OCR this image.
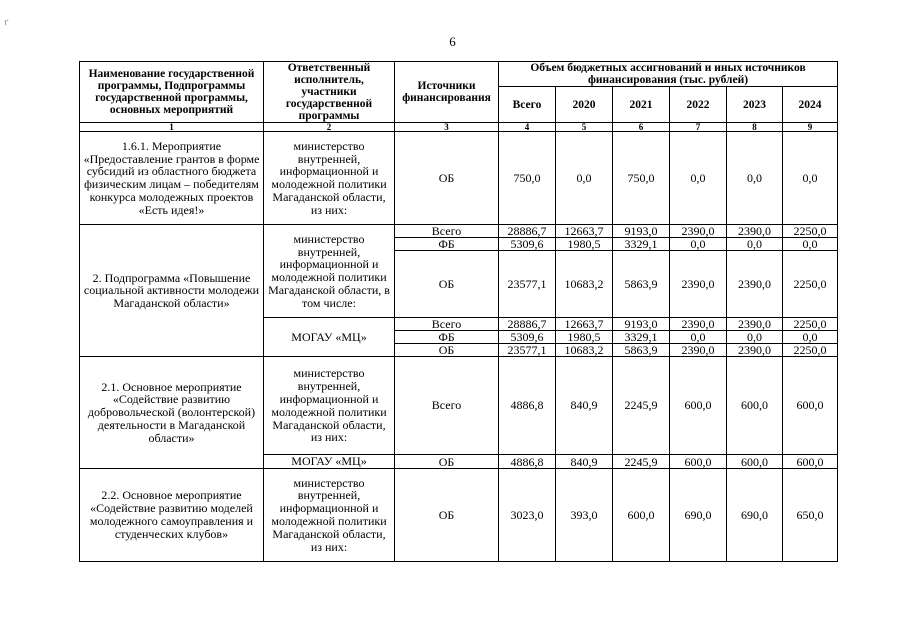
𝑟
6
Наименование государственной программы, Подпрограммы государственной программы, основных мероприятий	Ответственный исполнитель, участники государственной программы	Источники финансирования	Объем бюджетных ассигнований и иных источников финансирования (тыс. рублей)					
			Всего	2020	2021	2022	2023	2024
1	2	3	4	5	6	7	8	9
1.6.1. Мероприятие «Предоставление грантов в форме субсидий из областного бюджета физическим лицам – победителям конкурса молодежных проектов «Есть идея!»	министерство внутренней, информационной и молодежной политики Магаданской области, из них:	ОБ	750,0	0,0	750,0	0,0	0,0	0,0
2. Подпрограмма «Повышение социальной активности молодежи Магаданской области»	министерство внутренней, информационной и молодежной политики Магаданской области, в том числе:	Всего	28886,7	12663,7	9193,0	2390,0	2390,0	2250,0
		ФБ	5309,6	1980,5	3329,1	0,0	0,0	0,0
		ОБ	23577,1	10683,2	5863,9	2390,0	2390,0	2250,0
	МОГАУ «МЦ»	Всего	28886,7	12663,7	9193,0	2390,0	2390,0	2250,0
		ФБ	5309,6	1980,5	3329,1	0,0	0,0	0,0
		ОБ	23577,1	10683,2	5863,9	2390,0	2390,0	2250,0
2.1. Основное мероприятие «Содействие развитию добровольческой (волонтерской) деятельности в Магаданской области»	министерство внутренней, информационной и молодежной политики Магаданской области, из них:	Всего	4886,8	840,9	2245,9	600,0	600,0	600,0
	МОГАУ «МЦ»	ОБ	4886,8	840,9	2245,9	600,0	600,0	600,0
2.2. Основное мероприятие «Содействие развитию моделей молодежного самоуправления и студенческих клубов»	министерство внутренней, информационной и молодежной политики Магаданской области, из них:	ОБ	3023,0	393,0	600,0	690,0	690,0	650,0
